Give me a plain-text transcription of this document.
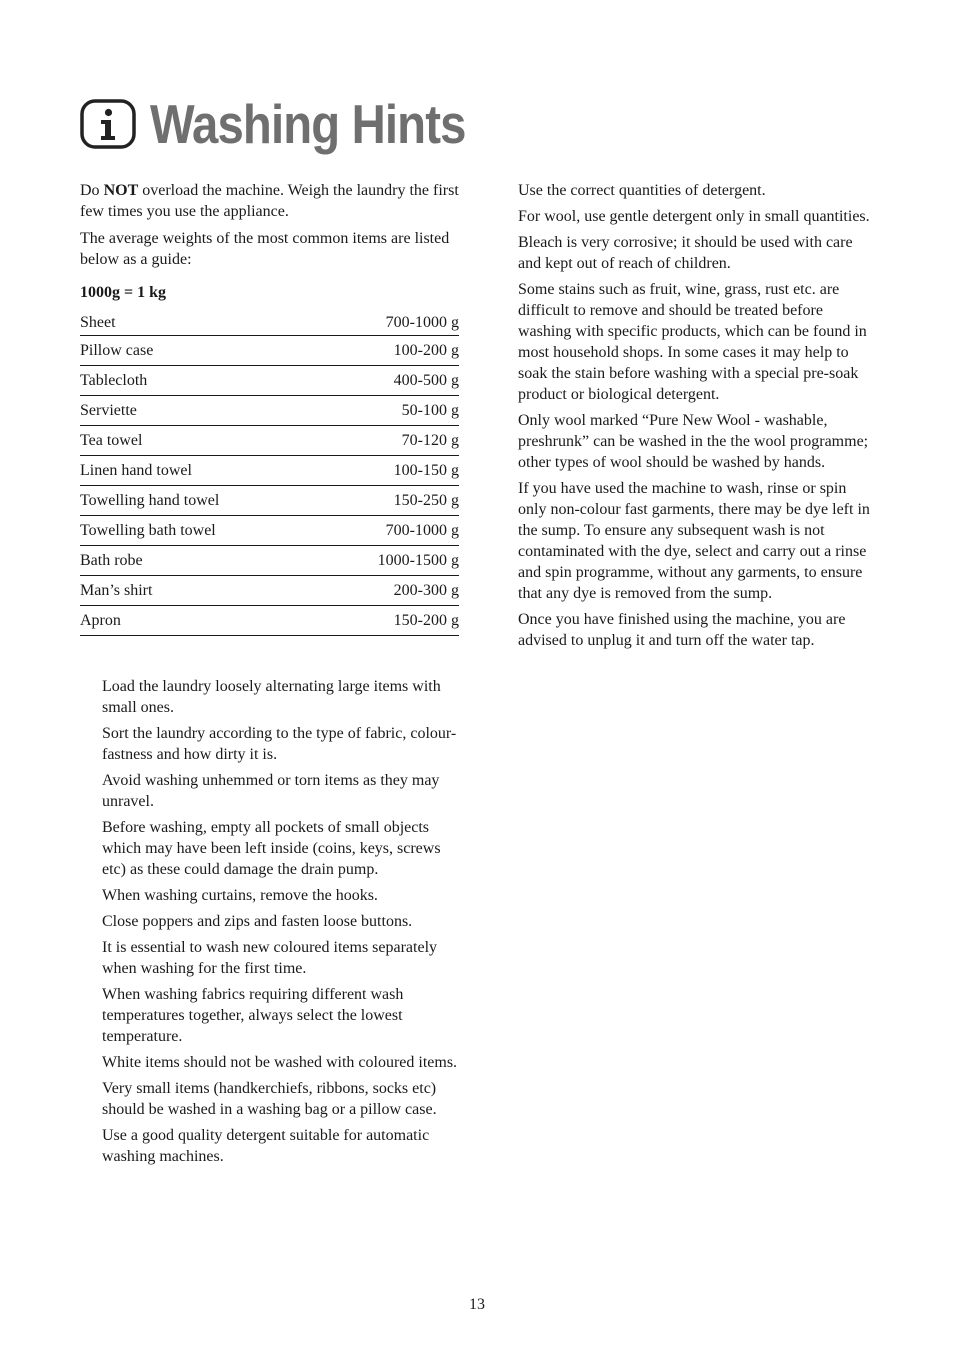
Washing Hints

Do NOT overload the machine. Weigh the laundry the first few times you use the appliance.

The average weights of the most common items are listed below as a guide:

1000g = 1 kg
Sheet	700-1000 g
Pillow case	100-200 g
Tablecloth	400-500 g
Serviette	50-100 g
Tea towel	70-120 g
Linen hand towel	100-150 g
Towelling hand towel	150-250 g
Towelling bath towel	700-1000 g
Bath robe	1000-1500 g
Man’s shirt	200-300 g
Apron	150-200 g

Load the laundry loosely alternating large items with small ones.

Sort the laundry according to the type of fabric, colour-fastness and how dirty it is.

Avoid washing unhemmed or torn items as they may unravel.

Before washing, empty all pockets of small objects which may have been left inside (coins, keys, screws etc) as these could damage the drain pump.

When washing curtains, remove the hooks.

Close poppers and zips and fasten loose buttons.

It is essential to wash new coloured items separately when washing for the first time.

When washing fabrics requiring different wash temperatures together, always select the lowest temperature.

White items should not be washed with coloured items.

Very small items (handkerchiefs, ribbons, socks etc) should be washed in a washing bag or a pillow case.

Use a good quality detergent suitable for automatic washing machines.

Use the correct quantities of detergent.

For wool, use gentle detergent only in small quantities.

Bleach is very corrosive; it should be used with care and kept out of reach of children.

Some stains such as fruit, wine, grass, rust etc. are difficult to remove and should be treated before washing with specific products, which can be found in most household shops. In some cases it may help to soak the stain before washing with a special pre-soak product or biological detergent.

Only wool marked “Pure New Wool - washable, preshrunk” can be washed in the the wool programme; other types of wool should be washed by hands.

If you have used the machine to wash, rinse or spin only non-colour fast garments, there may be dye left in the sump. To ensure any subsequent wash is not contaminated with the dye, select and carry out a rinse and spin programme, without any garments, to ensure that any dye is removed from the sump.

Once you have finished using the machine, you are advised to unplug it and turn off the water tap.

13
